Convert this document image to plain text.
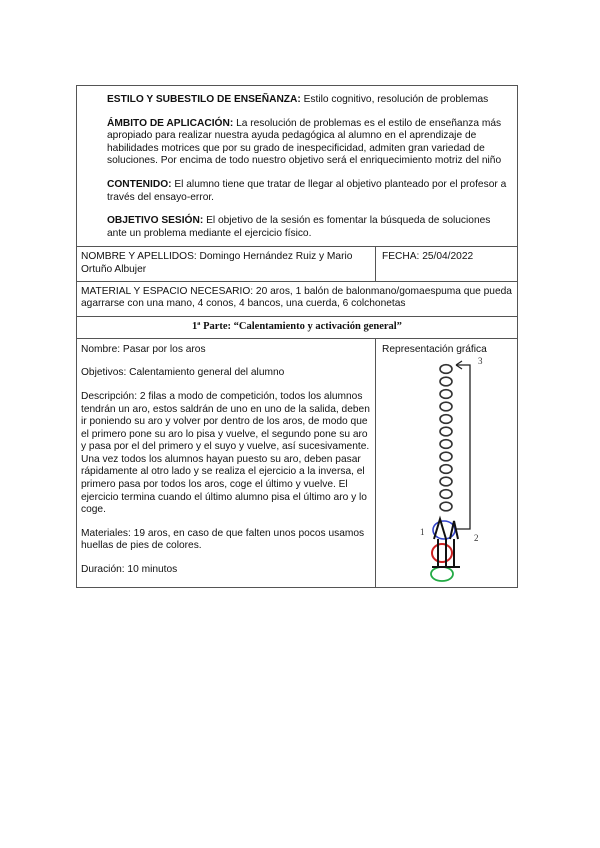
ESTILO Y SUBESTILO DE ENSEÑANZA: Estilo cognitivo, resolución de problemas

ÁMBITO DE APLICACIÓN: La resolución de problemas es el estilo de enseñanza más apropiado para realizar nuestra ayuda pedagógica al alumno en el aprendizaje de habilidades motrices que por su grado de inespecificidad, admiten gran variedad de soluciones. Por encima de todo nuestro objetivo será el enriquecimiento motriz del niño

CONTENIDO: El alumno tiene que tratar de llegar al objetivo planteado por el profesor a través del ensayo-error.

OBJETIVO SESIÓN: El objetivo de la sesión es fomentar la búsqueda de soluciones ante un problema mediante el ejercicio físico.

NOMBRE Y APELLIDOS: Domingo Hernández Ruiz y Mario Ortuño Albujer
FECHA: 25/04/2022
MATERIAL Y ESPACIO NECESARIO: 20 aros, 1 balón de balonmano/gomaespuma que pueda agarrarse con una mano, 4 conos, 4 bancos, una cuerda, 6 colchonetas
1ª Parte: “Calentamiento y activación general”

Nombre: Pasar por los aros

Objetivos: Calentamiento general del alumno

Descripción: 2 filas a modo de competición, todos los alumnos tendrán un aro, estos saldrán de uno en uno de la salida, deben ir poniendo su aro y volver por dentro de los aros, de modo que el primero pone su aro lo pisa y vuelve, el segundo pone su aro y pasa por el del primero y el suyo y vuelve, así sucesivamente. Una vez todos los alumnos hayan puesto su aro, deben pasar rápidamente al otro lado y se realiza el ejercicio a la inversa, el primero pasa por todos los aros, coge el último y vuelve. El ejercicio termina cuando el último alumno pisa el último aro y lo coge.

Materiales: 19 aros, en caso de que falten unos pocos usamos huellas de pies de colores.

Duración: 10 minutos

Representación gráfica
3
1
2
